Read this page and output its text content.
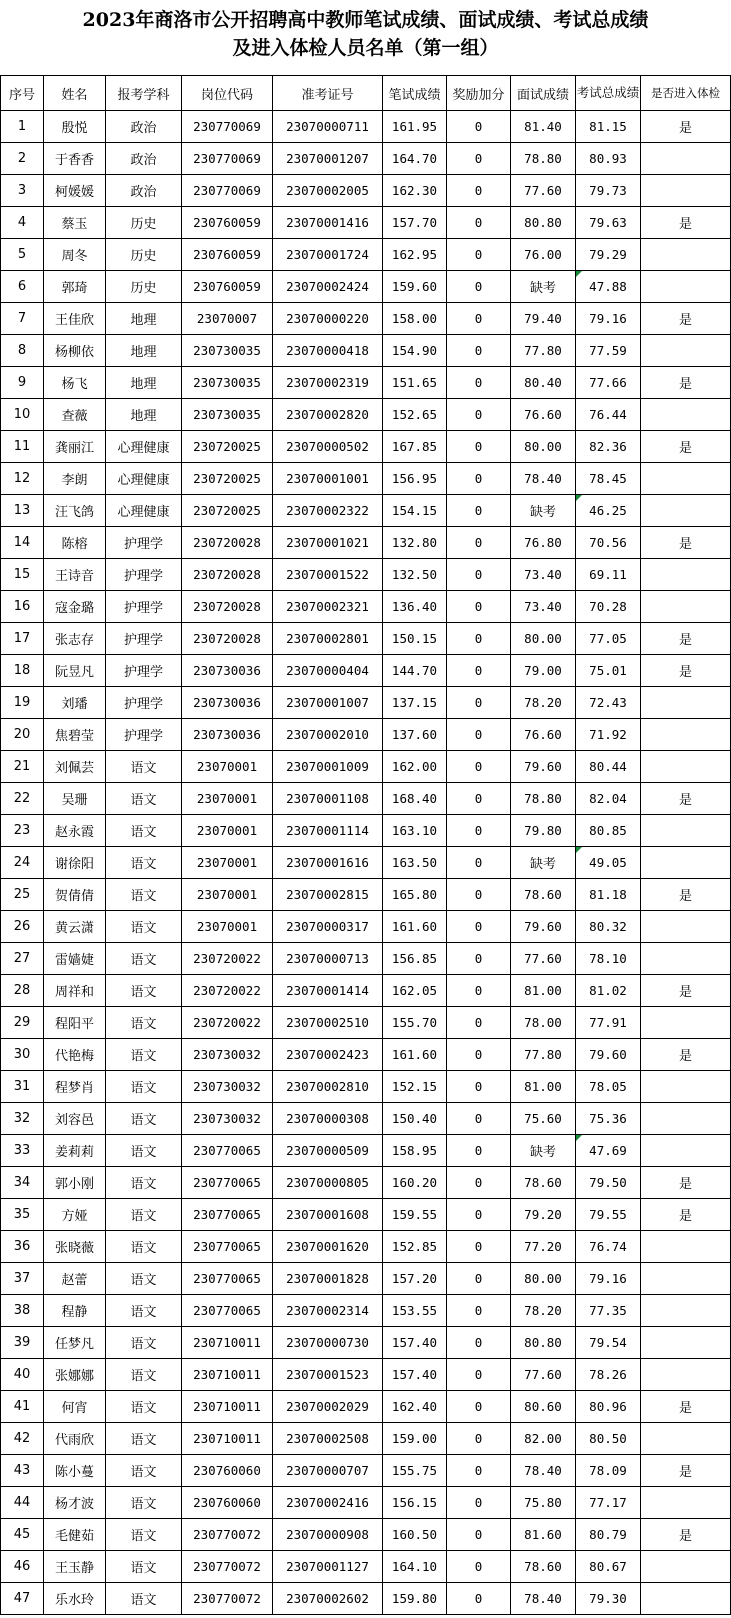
2023年商洛市公开招聘高中教师笔试成绩、面试成绩、考试总成绩
及进入体检人员名单（第一组）
序号	姓名	报考学科	岗位代码	准考证号	笔试成绩	奖励加分	面试成绩	考试总成绩	是否进入体检
1	殷悦	政治	230770069	23070000711	161.95	0	81.40	81.15	是
2	于香香	政治	230770069	23070001207	164.70	0	78.80	80.93	
3	柯媛媛	政治	230770069	23070002005	162.30	0	77.60	79.73	
4	蔡玉	历史	230760059	23070001416	157.70	0	80.80	79.63	是
5	周冬	历史	230760059	23070001724	162.95	0	76.00	79.29	
6	郭琦	历史	230760059	23070002424	159.60	0	缺考	47.88	
7	王佳欣	地理	23070007	23070000220	158.00	0	79.40	79.16	是
8	杨柳依	地理	230730035	23070000418	154.90	0	77.80	77.59	
9	杨飞	地理	230730035	23070002319	151.65	0	80.40	77.66	是
10	查薇	地理	230730035	23070002820	152.65	0	76.60	76.44	
11	龚丽江	心理健康	230720025	23070000502	167.85	0	80.00	82.36	是
12	李朗	心理健康	230720025	23070001001	156.95	0	78.40	78.45	
13	汪飞鸽	心理健康	230720025	23070002322	154.15	0	缺考	46.25	
14	陈榕	护理学	230720028	23070001021	132.80	0	76.80	70.56	是
15	王诗音	护理学	230720028	23070001522	132.50	0	73.40	69.11	
16	寇金璐	护理学	230720028	23070002321	136.40	0	73.40	70.28	
17	张志存	护理学	230720028	23070002801	150.15	0	80.00	77.05	是
18	阮昱凡	护理学	230730036	23070000404	144.70	0	79.00	75.01	是
19	刘璠	护理学	230730036	23070001007	137.15	0	78.20	72.43	
20	焦碧莹	护理学	230730036	23070002010	137.60	0	76.60	71.92	
21	刘佩芸	语文	23070001	23070001009	162.00	0	79.60	80.44	
22	吴珊	语文	23070001	23070001108	168.40	0	78.80	82.04	是
23	赵永霞	语文	23070001	23070001114	163.10	0	79.80	80.85	
24	谢徐阳	语文	23070001	23070001616	163.50	0	缺考	49.05	
25	贺倩倩	语文	23070001	23070002815	165.80	0	78.60	81.18	是
26	黄云潇	语文	23070001	23070000317	161.60	0	79.60	80.32	
27	雷嫱婕	语文	230720022	23070000713	156.85	0	77.60	78.10	
28	周祥和	语文	230720022	23070001414	162.05	0	81.00	81.02	是
29	程阳平	语文	230720022	23070002510	155.70	0	78.00	77.91	
30	代艳梅	语文	230730032	23070002423	161.60	0	77.80	79.60	是
31	程梦肖	语文	230730032	23070002810	152.15	0	81.00	78.05	
32	刘容邑	语文	230730032	23070000308	150.40	0	75.60	75.36	
33	姜莉莉	语文	230770065	23070000509	158.95	0	缺考	47.69	
34	郭小刚	语文	230770065	23070000805	160.20	0	78.60	79.50	是
35	方娅	语文	230770065	23070001608	159.55	0	79.20	79.55	是
36	张晓薇	语文	230770065	23070001620	152.85	0	77.20	76.74	
37	赵蕾	语文	230770065	23070001828	157.20	0	80.00	79.16	
38	程静	语文	230770065	23070002314	153.55	0	78.20	77.35	
39	任梦凡	语文	230710011	23070000730	157.40	0	80.80	79.54	
40	张娜娜	语文	230710011	23070001523	157.40	0	77.60	78.26	
41	何宵	语文	230710011	23070002029	162.40	0	80.60	80.96	是
42	代雨欣	语文	230710011	23070002508	159.00	0	82.00	80.50	
43	陈小蔓	语文	230760060	23070000707	155.75	0	78.40	78.09	是
44	杨才波	语文	230760060	23070002416	156.15	0	75.80	77.17	
45	毛健茹	语文	230770072	23070000908	160.50	0	81.60	80.79	是
46	王玉静	语文	230770072	23070001127	164.10	0	78.60	80.67	
47	乐水玲	语文	230770072	23070002602	159.80	0	78.40	79.30	
